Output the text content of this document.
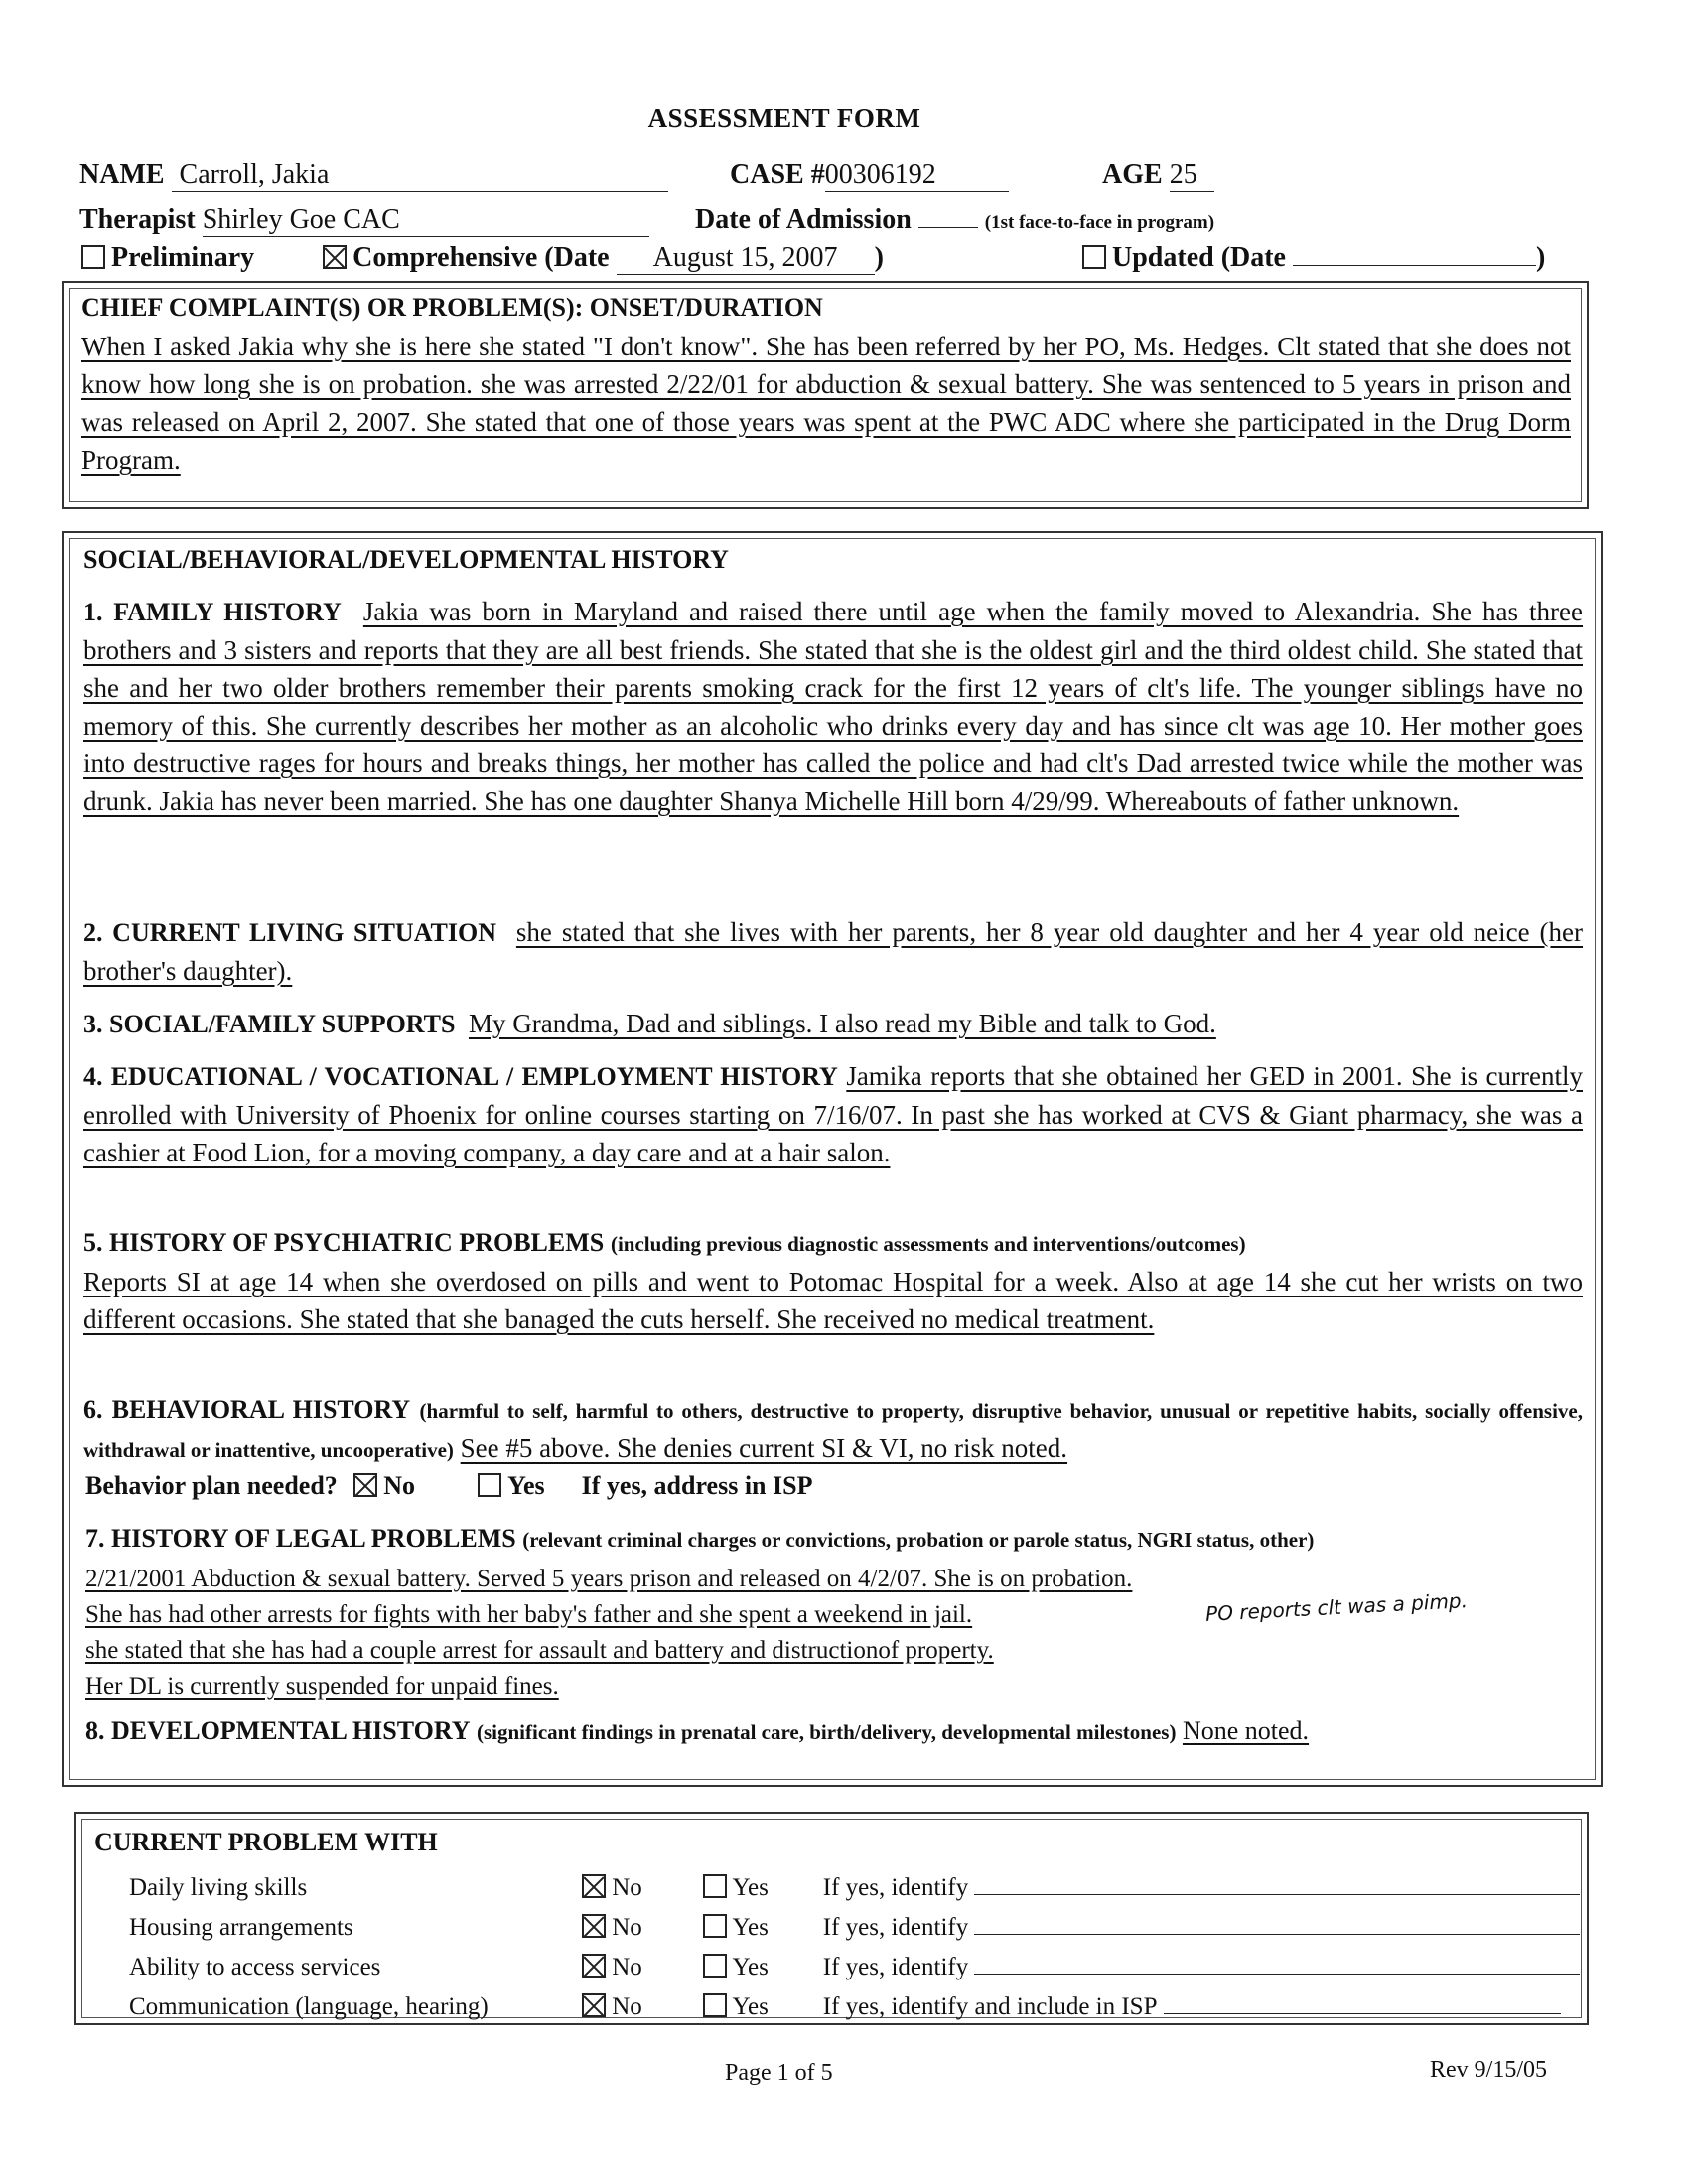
ASSESSMENT FORM
NAME Carroll, Jakia	CASE #00306192	AGE 25
Therapist Shirley Goe CAC	Date of Admission	(1st face-to-face in program)
Preliminary	Comprehensive (Date August 15, 2007 )	Updated (Date	)
CHIEF COMPLAINT(S) OR PROBLEM(S): ONSET/DURATION
When I asked Jakia why she is here she stated "I don't know". She has been referred by her PO, Ms. Hedges. Clt stated that she does not know how long she is on probation. she was arrested 2/22/01 for abduction & sexual battery. She was sentenced to 5 years in prison and was released on April 2, 2007. She stated that one of those years was spent at the PWC ADC where she participated in the Drug Dorm Program.
SOCIAL/BEHAVIORAL/DEVELOPMENTAL HISTORY
1. FAMILY HISTORY Jakia was born in Maryland and raised there until age when the family moved to Alexandria. She has three brothers and 3 sisters and reports that they are all best friends. She stated that she is the oldest girl and the third oldest child. She stated that she and her two older brothers remember their parents smoking crack for the first 12 years of clt's life. The younger siblings have no memory of this. She currently describes her mother as an alcoholic who drinks every day and has since clt was age 10. Her mother goes into destructive rages for hours and breaks things, her mother has called the police and had clt's Dad arrested twice while the mother was drunk. Jakia has never been married. She has one daughter Shanya Michelle Hill born 4/29/99. Whereabouts of father unknown.
2. CURRENT LIVING SITUATION she stated that she lives with her parents, her 8 year old daughter and her 4 year old neice (her brother's daughter).
3. SOCIAL/FAMILY SUPPORTS My Grandma, Dad and siblings. I also read my Bible and talk to God.
4. EDUCATIONAL / VOCATIONAL / EMPLOYMENT HISTORY Jamika reports that she obtained her GED in 2001. She is currently enrolled with University of Phoenix for online courses starting on 7/16/07. In past she has worked at CVS & Giant pharmacy, she was a cashier at Food Lion, for a moving company, a day care and at a hair salon.
5. HISTORY OF PSYCHIATRIC PROBLEMS (including previous diagnostic assessments and interventions/outcomes)
Reports SI at age 14 when she overdosed on pills and went to Potomac Hospital for a week. Also at age 14 she cut her wrists on two different occasions. She stated that she banaged the cuts herself. She received no medical treatment.
6. BEHAVIORAL HISTORY (harmful to self, harmful to others, destructive to property, disruptive behavior, unusual or repetitive habits, socially offensive, withdrawal or inattentive, uncooperative) See #5 above. She denies current SI & VI, no risk noted.
Behavior plan needed? No	Yes If yes, address in ISP
7. HISTORY OF LEGAL PROBLEMS (relevant criminal charges or convictions, probation or parole status, NGRI status, other)
2/21/2001 Abduction & sexual battery. Served 5 years prison and released on 4/2/07. She is on probation.
She has had other arrests for fights with her baby's father and she spent a weekend in jail.
she stated that she has had a couple arrest for assault and battery and distructionof property.
Her DL is currently suspended for unpaid fines.
PO reports clt was a pimp.
8. DEVELOPMENTAL HISTORY (significant findings in prenatal care, birth/delivery, developmental milestones) None noted.
CURRENT PROBLEM WITH
Daily living skills	No	Yes If yes, identify
Housing arrangements	No	Yes If yes, identify
Ability to access services	No	Yes If yes, identify
Communication (language, hearing)	No	Yes If yes, identify and include in ISP
Page 1 of 5	Rev 9/15/05
